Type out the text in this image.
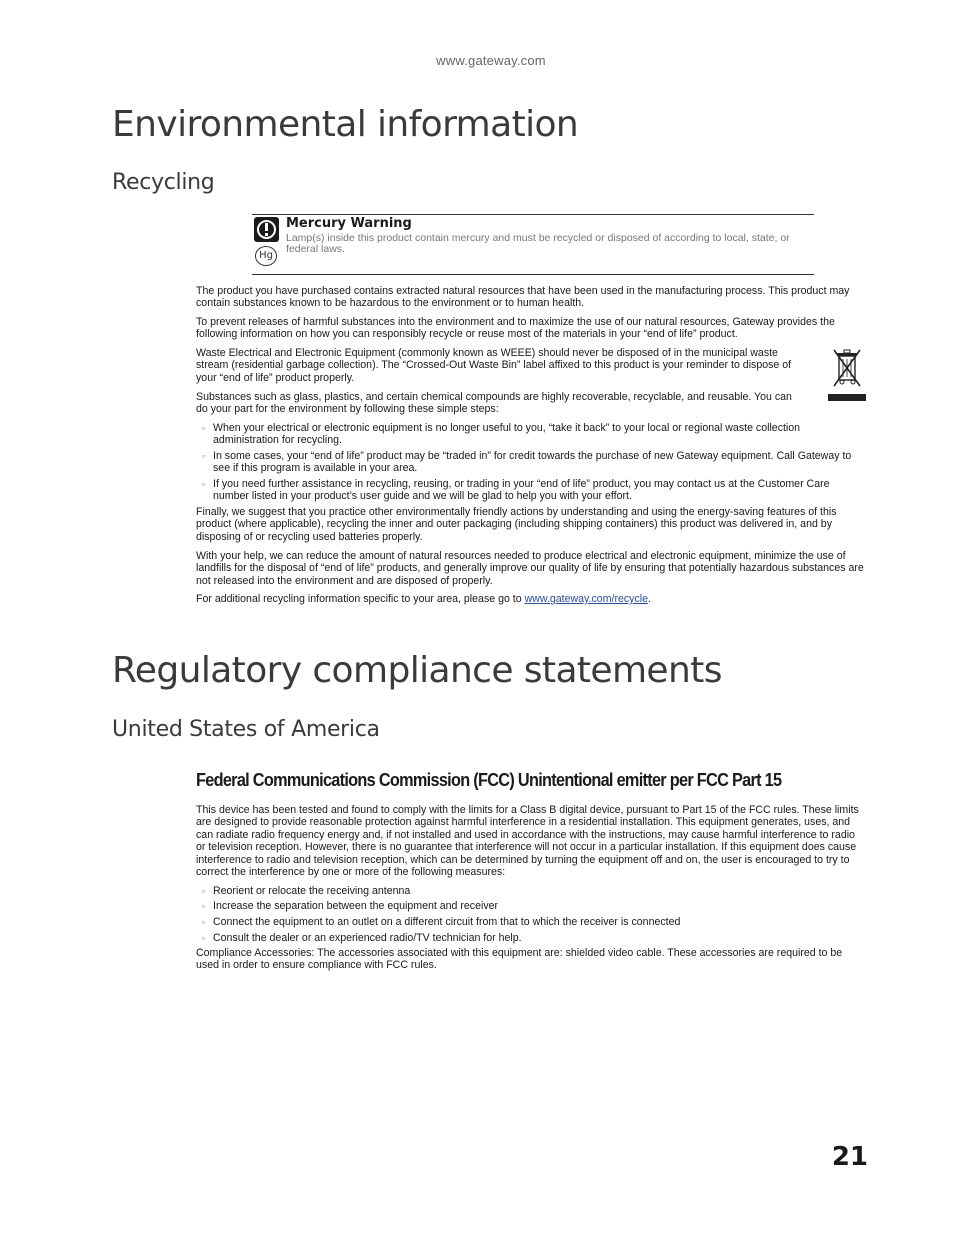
www.gateway.com
Environmental information
Recycling
Hg
Mercury Warning
Lamp(s) inside this product contain mercury and must be recycled or disposed of according to local, state, or federal laws.

The product you have purchased contains extracted natural resources that have been used in the manufacturing process. This product may contain substances known to be hazardous to the environment or to human health.

To prevent releases of harmful substances into the environment and to maximize the use of our natural resources, Gateway provides the following information on how you can responsibly recycle or reuse most of the materials in your “end of life” product.

Waste Electrical and Electronic Equipment (commonly known as WEEE) should never be disposed of in the municipal waste stream (residential garbage collection). The “Crossed-Out Waste Bin” label affixed to this product is your reminder to dispose of your “end of life” product properly.

Substances such as glass, plastics, and certain chemical compounds are highly recoverable, recyclable, and reusable. You can do your part for the environment by following these simple steps:

▫ When your electrical or electronic equipment is no longer useful to you, “take it back” to your local or regional waste collection administration for recycling.

▫ In some cases, your “end of life” product may be “traded in” for credit towards the purchase of new Gateway equipment. Call Gateway to see if this program is available in your area.

▫ If you need further assistance in recycling, reusing, or trading in your “end of life” product, you may contact us at the Customer Care number listed in your product’s user guide and we will be glad to help you with your effort.

Finally, we suggest that you practice other environmentally friendly actions by understanding and using the energy-saving features of this product (where applicable), recycling the inner and outer packaging (including shipping containers) this product was delivered in, and by disposing of or recycling used batteries properly.

With your help, we can reduce the amount of natural resources needed to produce electrical and electronic equipment, minimize the use of landfills for the disposal of “end of life” products, and generally improve our quality of life by ensuring that potentially hazardous substances are not released into the environment and are disposed of properly.

For additional recycling information specific to your area, please go to www.gateway.com/recycle.

Regulatory compliance statements
United States of America
Federal Communications Commission (FCC) Unintentional emitter per FCC Part 15

This device has been tested and found to comply with the limits for a Class B digital device, pursuant to Part 15 of the FCC rules. These limits are designed to provide reasonable protection against harmful interference in a residential installation. This equipment generates, uses, and can radiate radio frequency energy and, if not installed and used in accordance with the instructions, may cause harmful interference to radio or television reception. However, there is no guarantee that interference will not occur in a particular installation. If this equipment does cause interference to radio and television reception, which can be determined by turning the equipment off and on, the user is encouraged to try to correct the interference by one or more of the following measures:

▫ Reorient or relocate the receiving antenna

▫ Increase the separation between the equipment and receiver

▫ Connect the equipment to an outlet on a different circuit from that to which the receiver is connected

▫ Consult the dealer or an experienced radio/TV technician for help.

Compliance Accessories: The accessories associated with this equipment are: shielded video cable. These accessories are required to be used in order to ensure compliance with FCC rules.

21
